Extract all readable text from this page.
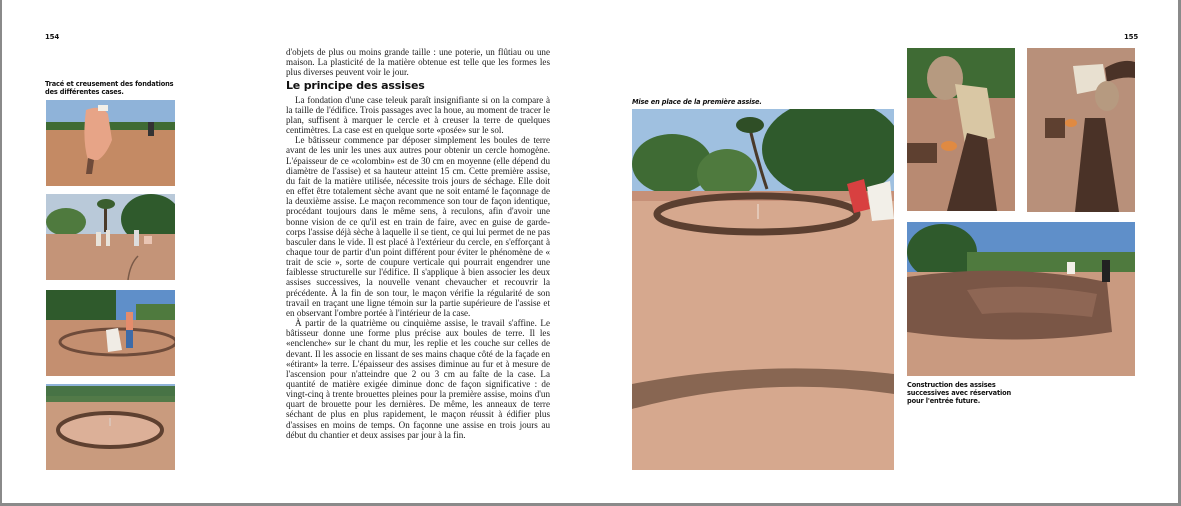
154
Tracé et creusement des fondations des différentes cases.

d'objets de plus ou moins grande taille : une poterie, un flûtiau ou une maison. La plasticité de la matière obtenue est telle que les formes les plus diverses peuvent voir le jour.

Le principe des assises

La fondation d'une case teleuk paraît insignifiante si on la compare à la taille de l'édifice. Trois passages avec la houe, au moment de tracer le plan, suffisent à marquer le cercle et à creuser la terre de quelques centimètres. La case est en quelque sorte «posée» sur le sol.

Le bâtisseur commence par déposer simplement les boules de terre avant de les unir les unes aux autres pour obtenir un cercle homogène. L'épaisseur de ce «colombin» est de 30 cm en moyenne (elle dépend du diamètre de l'assise) et sa hauteur atteint 15 cm. Cette première assise, du fait de la matière utilisée, nécessite trois jours de séchage. Elle doit en effet être totalement sèche avant que ne soit entamé le façonnage de la deuxième assise. Le maçon recommence son tour de façon identique, procédant toujours dans le même sens, à reculons, afin d'avoir une bonne vision de ce qu'il est en train de faire, avec en guise de garde-corps l'assise déjà sèche à laquelle il se tient, ce qui lui permet de ne pas basculer dans le vide. Il est placé à l'extérieur du cercle, en s'efforçant à chaque tour de partir d'un point différent pour éviter le phénomène de « trait de scie », sorte de coupure verticale qui pourrait engendrer une faiblesse structurelle sur l'édifice. Il s'applique à bien associer les deux assises successives, la nouvelle venant chevaucher et recouvrir la précédente. À la fin de son tour, le maçon vérifie la régularité de son travail en traçant une ligne témoin sur la partie supérieure de l'assise et en observant l'ombre portée à l'intérieur de la case.

À partir de la quatrième ou cinquième assise, le travail s'affine. Le bâtisseur donne une forme plus précise aux boules de terre. Il les «enclenche» sur le chant du mur, les replie et les couche sur celles de devant. Il les associe en lissant de ses mains chaque côté de la façade en «étirant» la terre. L'épaisseur des assises diminue au fur et à mesure de l'ascension pour n'atteindre que 2 ou 3 cm au faîte de la case. La quantité de matière exigée diminue donc de façon significative : de vingt-cinq à trente brouettes pleines pour la première assise, moins d'un quart de brouette pour les dernières. De même, les anneaux de terre séchant de plus en plus rapidement, le maçon réussit à édifier plus d'assises en moins de temps. On façonne une assise en trois jours au début du chantier et deux assises par jour à la fin.

155
Mise en place de la première assise.
Construction des assises successives avec réservation pour l'entrée future.
